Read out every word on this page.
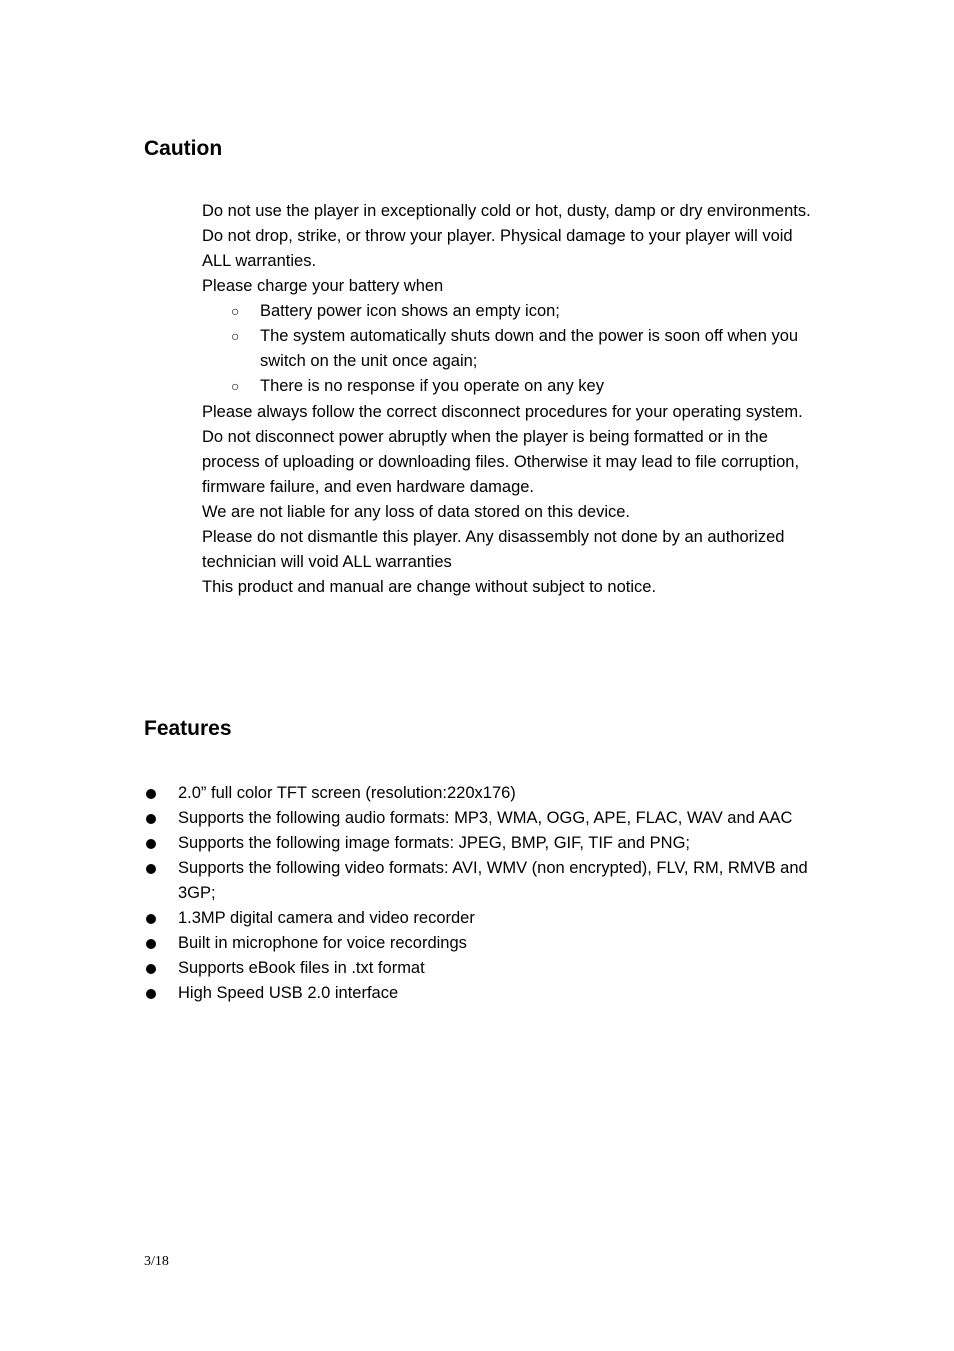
Caution

Do not use the player in exceptionally cold or hot, dusty, damp or dry environments.

Do not drop, strike, or throw your player. Physical damage to your player will void ALL warranties.

Please charge your battery when

○ Battery power icon shows an empty icon;
○ The system automatically shuts down and the power is soon off when you switch on the unit once again;
○ There is no response if you operate on any key

Please always follow the correct disconnect procedures for your operating system. Do not disconnect power abruptly when the player is being formatted or in the process of uploading or downloading files. Otherwise it may lead to file corruption, firmware failure, and even hardware damage.

We are not liable for any loss of data stored on this device.

Please do not dismantle this player. Any disassembly not done by an authorized technician will void ALL warranties

This product and manual are change without subject to notice.

Features
2.0” full color TFT screen (resolution:220x176)
Supports the following audio formats: MP3, WMA, OGG, APE, FLAC, WAV and AAC
Supports the following image formats: JPEG, BMP, GIF, TIF and PNG;
Supports the following video formats: AVI, WMV (non encrypted), FLV, RM, RMVB and 3GP;
1.3MP digital camera and video recorder
Built in microphone for voice recordings
Supports eBook files in .txt format
High Speed USB 2.0 interface
3/18
